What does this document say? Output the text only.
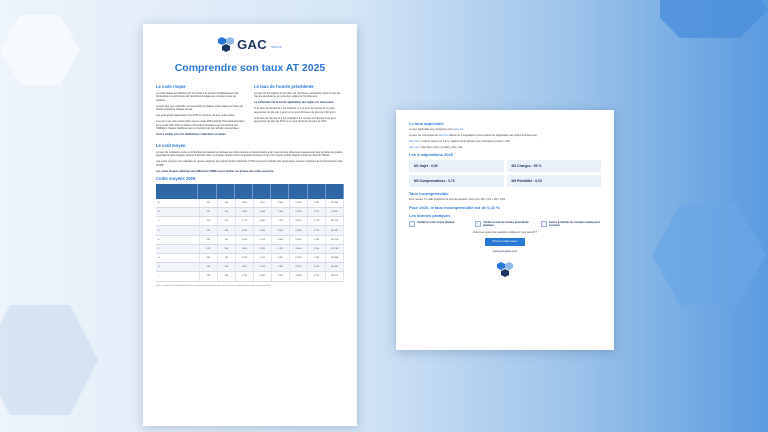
GAC GROUP
Comprendre son taux AT 2025
Le code risque

Le code risque est attribué par la Carsat à la section d'établissement de l'entreprise et est fonction de l'activité principale qui occupe le plus de salariés.

La liste des taux collectifs correspondant à chaque code risque est fixée par arrêté ministériel chaque année.

Les entreprises dépendant d'un CTN en fonction de leur code risque.

Il se peut que des conformités avec le code APE (Activité Principale Exercée) ou le code NAF (Nomenclature d'Activité Française) qui est attribué par l'INSEE à chaque établissement en fonction de son activité économique.

Il est à vérifier pour les tarifications collectives et mixtes.

Le taux de l'année précédente

Le taux AT est calculé en fonction de nombreux paramètres dont le taux de l'année précédente en vertu des règles de l'écrêtement.

La vérification de la bonne application des règles est nécessaire.

Si le taux de l'année N-1 est inférieur à 4, le taux de l'année N ne peut augmenter de plus de 1 point et ne peut diminuer de plus de 0,60 point.

Si le taux de l'année N-1 est supérieur à 4, le taux de l'année N ne peut augmenter de plus de 25% et ne peut diminuer de plus de 20%.

Le coût moyen

Le taux de cotisation mixte ou individuel est calculé sur la base de coûts moyens correspondants à la moyenne des dépenses causées par des sinistres de gravité équivalente dans chaque secteur d'activité. Ainsi, à chaque sinistre selon sa gravité correspond un coût moyen publié chaque année au Journal Officiel.

Les coûts moyens sont calculés au niveau national, par grand secteur d'activité (CTN) et sous la contrôle des partenaires sociaux membres de la Commission des AT/MP.

Les coûts moyens attribués aux différents AT/MP sont à vérifier sur la base des arrêts prescrits.

Coûts moyens 2025
A	261	345	1 695	2 057	3 588	21 784	1 482	127 802
B	247	201	1 585	3 448	3 324	19 796	1 171	93 350
C	256	244	1 711	3 486	3 743	34 213	1 278	138 113
D	233	283	1 618	3 256	3 509	21 648	1 258	103 437
E	243	281	1 658	3 198	3 602	22 916	1 283	113 298
F	262	341	1 883	3 493	3 754	26 044	1 264	125 748
G	268	282	1 628	3 296	3 497	21 528	1 284	102 866
H	244	306	1 607	3 413	3 481	22 572	1 218	105 401
I	243	263	1 733	3 332	3 525	24 268	1 276	108 572
Source : arrêté du 28 novembre 2024 relatif à la tarification des risques d'accidents du travail et de maladies professionnelles pour l'année 2025.
Le taux applicable

Le taux applicable aux entreprises est le taux net.

Le taux net correspond au taux brut affecté de 4 majorations (sous réserve de l'application des règles d'écrêtement).

Taux brut = coût du risque sur 3 ans / salaires bruts déclarés des 3 dernières années x 100

Taux net = Taux Brut x (M1 x (1+M2) + M3 + M4

Les 4 majorations 2025
M1 trajet : 0,39	M2 Charges : 59 %
M3 Compensations : 0,70	M4 Pénibilité : 0,03
Taux incompressible

Pour l'année T il suffit d'appliquer la formule suivante : M1 0,12 x M2 + M3 + M4 = 0,64

Pour 2025, le taux incompressible est de 0,22 %
Les bonnes pratiques
Vérifier le code risque attribué	Vérifier le taux de l'année précédente appliqué
Suivre & Vérifier les comptes employeurs courants

Vous vous posez des questions relatives à votre taux AT ?

Prenez rendez-vous !
www.groupgac.com
